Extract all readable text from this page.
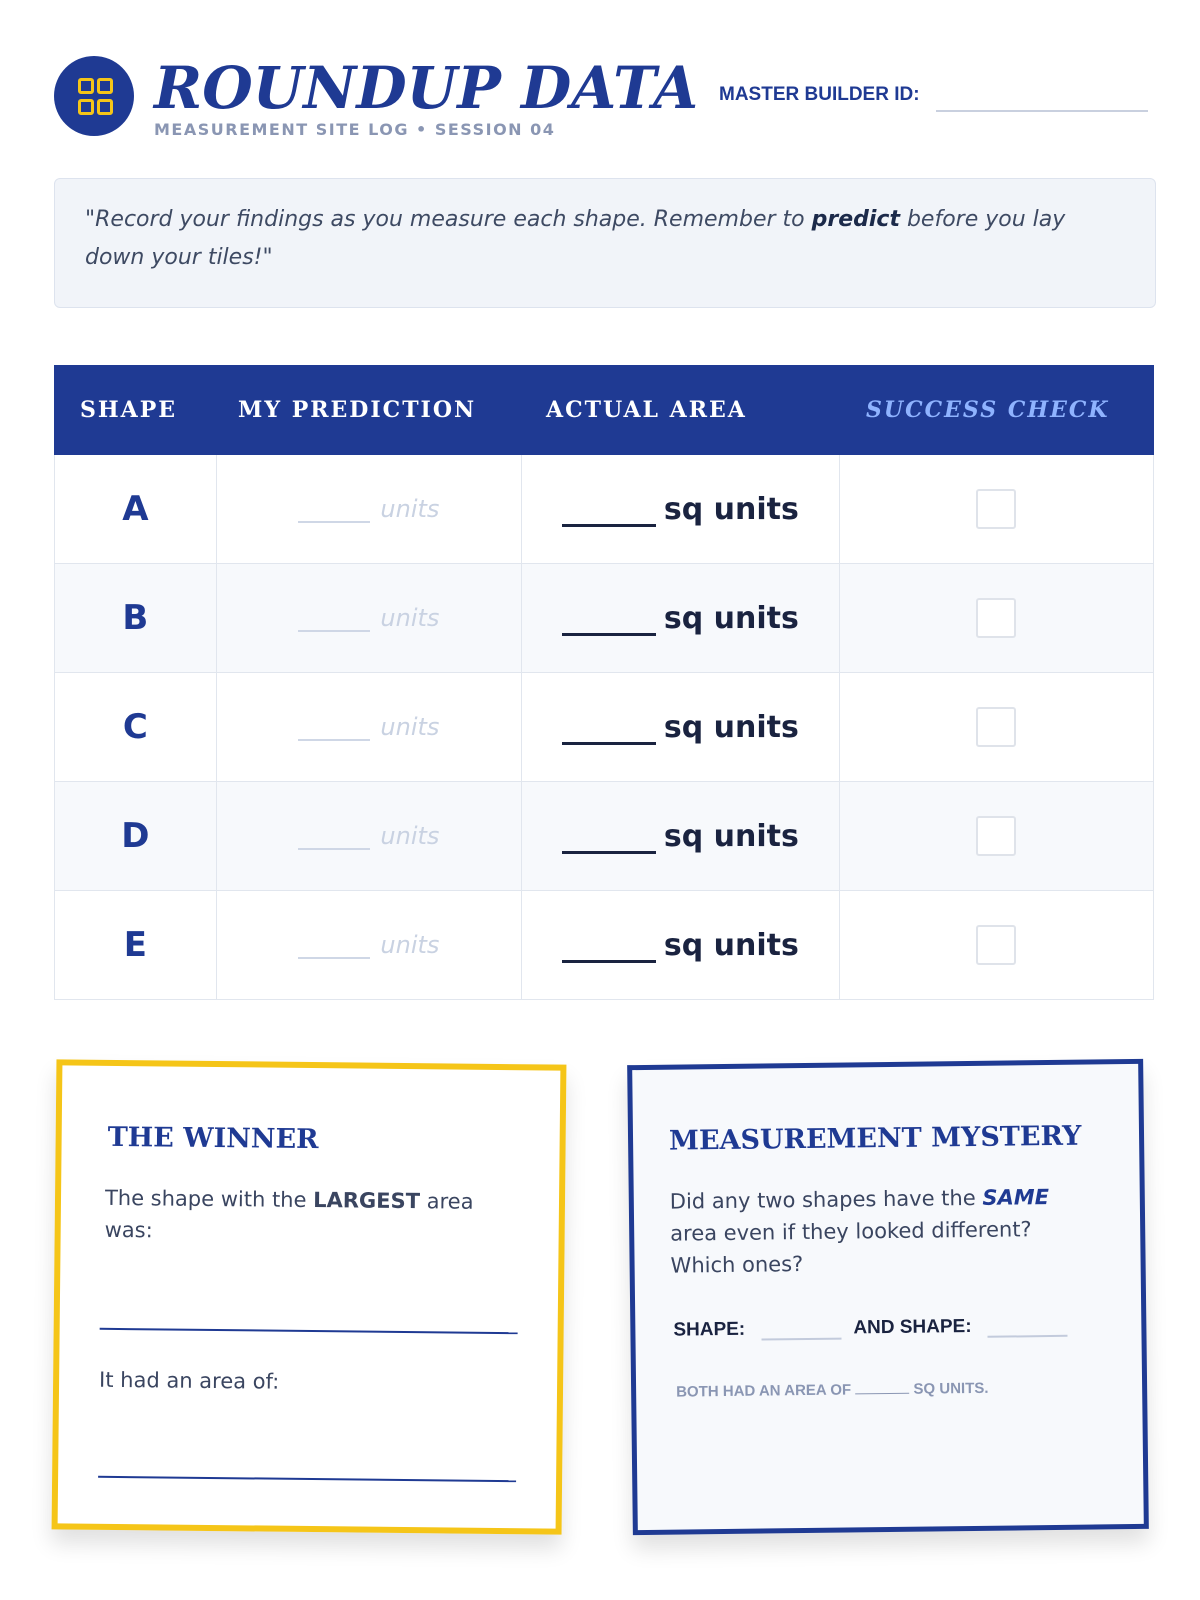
ROUNDUP DATA
MEASUREMENT SITE LOG • SESSION 04
MASTER BUILDER ID:
"Record your findings as you measure each shape. Remember to predict before you lay down your tiles!"
SHAPE	MY PREDICTION	ACTUAL AREA	SUCCESS CHECK
A	units	sq units
B	units	sq units
C	units	sq units
D	units	sq units
E	units	sq units
THE WINNER
The shape with the LARGEST area was:
It had an area of:
MEASUREMENT MYSTERY
Did any two shapes have the SAME area even if they looked different? Which ones?
SHAPE:	AND SHAPE:
BOTH HAD AN AREA OF	SQ UNITS.
